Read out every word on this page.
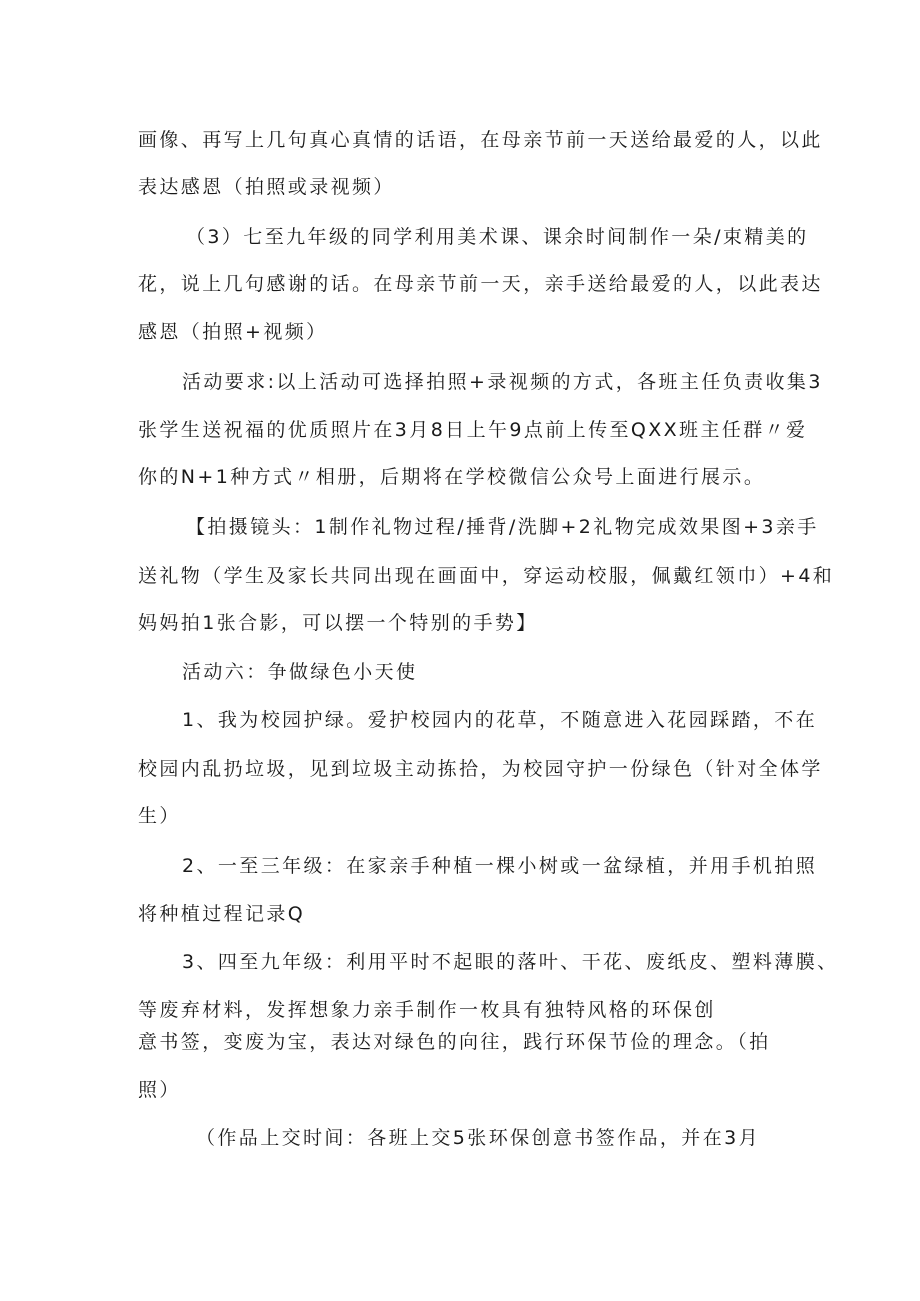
画像、再写上几句真心真情的话语，在母亲节前一天送给最爱的人，以此
表达感恩（拍照或录视频）
（3）七至九年级的同学利用美术课、课余时间制作一朵/束精美的
花，说上几句感谢的话。在母亲节前一天，亲手送给最爱的人，以此表达
感恩（拍照+视频）
活动要求:以上活动可选择拍照+录视频的方式，各班主任负责收集3
张学生送祝福的优质照片在3月8日上午9点前上传至QXX班主任群〃爱
你的N+1种方式〃相册，后期将在学校微信公众号上面进行展示。
【拍摄镜头：1制作礼物过程/捶背/洗脚+2礼物完成效果图+3亲手
送礼物（学生及家长共同出现在画面中，穿运动校服，佩戴红领巾）+4和
妈妈拍1张合影，可以摆一个特别的手势】
活动六：争做绿色小天使
1、我为校园护绿。爱护校园内的花草，不随意进入花园踩踏，不在
校园内乱扔垃圾，见到垃圾主动拣拾，为校园守护一份绿色（针对全体学
生）
2、一至三年级：在家亲手种植一棵小树或一盆绿植，并用手机拍照
将种植过程记录Q
3、四至九年级：利用平时不起眼的落叶、干花、废纸皮、塑料薄膜、
等废弃材料，发挥想象力亲手制作一枚具有独特风格的环保创
意书签，变废为宝，表达对绿色的向往，践行环保节俭的理念。（拍
照）
（作品上交时间：各班上交5张环保创意书签作品，并在3月
